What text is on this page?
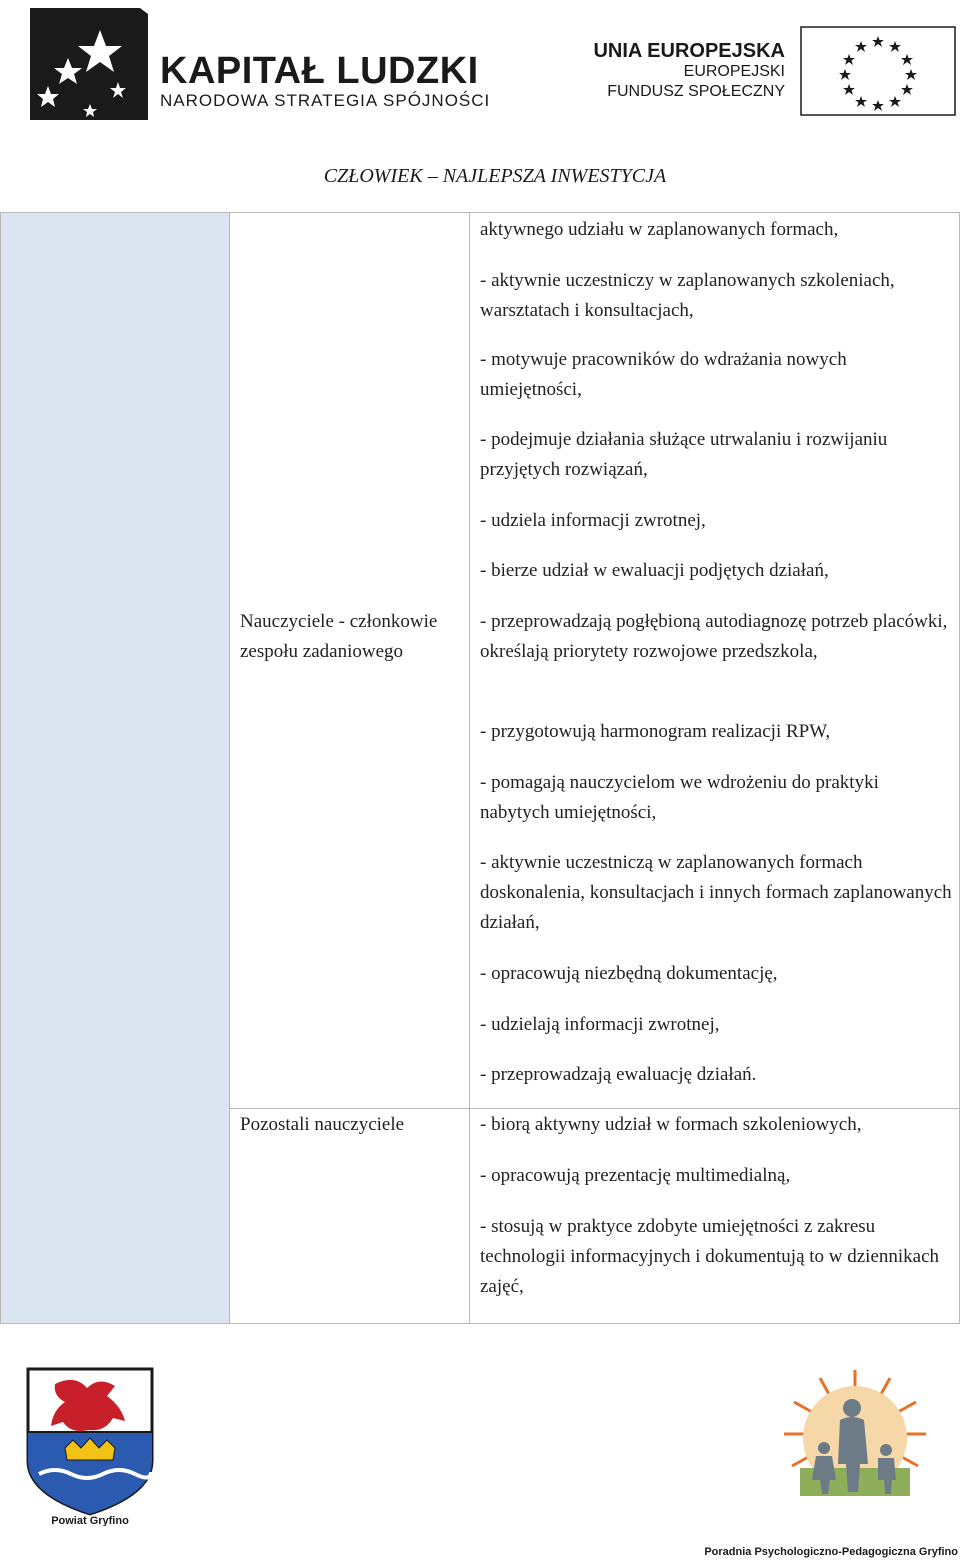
KAPITAŁ LUDZKI
NARODOWA STRATEGIA SPÓJNOŚCI
UNIA EUROPEJSKA
EUROPEJSKI
FUNDUSZ SPOŁECZNY
CZŁOWIEK – NAJLEPSZA INWESTYCJA
aktywnego udziału w zaplanowanych formach,
- aktywnie uczestniczy w zaplanowanych szkoleniach, warsztatach i konsultacjach,
- motywuje pracowników do wdrażania nowych umiejętności,
- podejmuje działania służące utrwalaniu i rozwijaniu przyjętych rozwiązań,
- udziela informacji zwrotnej,
- bierze udział w ewaluacji podjętych działań,
Nauczyciele - członkowie zespołu zadaniowego
- przeprowadzają pogłębioną autodiagnozę potrzeb placówki, określają priorytety rozwojowe przedszkola,
- przygotowują harmonogram realizacji RPW,
- pomagają nauczycielom we wdrożeniu do praktyki nabytych umiejętności,
- aktywnie uczestniczą w zaplanowanych formach doskonalenia, konsultacjach i innych formach zaplanowanych działań,
- opracowują niezbędną dokumentację,
- udzielają informacji zwrotnej,
- przeprowadzają ewaluację działań.
Pozostali nauczyciele	- biorą aktywny udział w formach szkoleniowych,
- opracowują prezentację multimedialną,
- stosują w praktyce zdobyte umiejętności z zakresu technologii informacyjnych i dokumentują to w dziennikach zajęć,
Powiat Gryfino
Poradnia Psychologiczno-Pedagogiczna Gryfino
